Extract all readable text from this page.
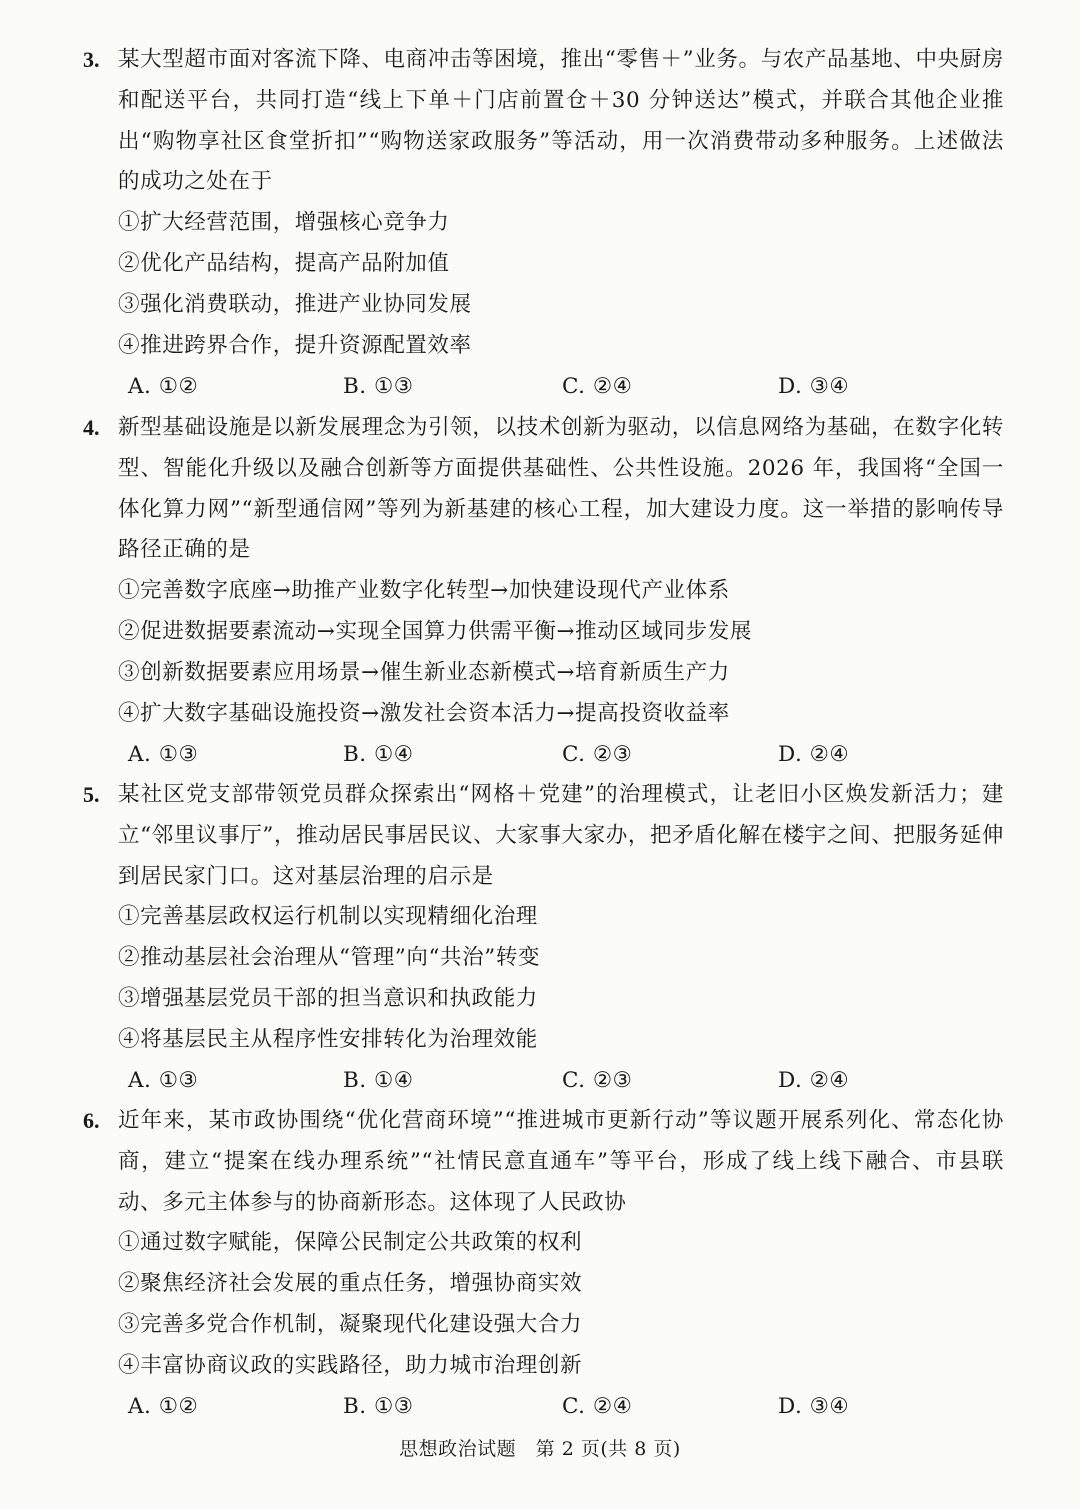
3. 某大型超市面对客流下降、电商冲击等困境，推出“零售＋”业务。与农产品基地、中央厨房和配送平台，共同打造“线上下单＋门店前置仓＋30 分钟送达”模式，并联合其他企业推出“购物享社区食堂折扣”“购物送家政服务”等活动，用一次消费带动多种服务。上述做法的成功之处在于

①扩大经营范围，增强核心竞争力
②优化产品结构，提高产品附加值
③强化消费联动，推进产业协同发展
④推进跨界合作，提升资源配置效率
A. ①②	B. ①③	C. ②④	D. ③④
4. 新型基础设施是以新发展理念为引领，以技术创新为驱动，以信息网络为基础，在数字化转型、智能化升级以及融合创新等方面提供基础性、公共性设施。2026 年，我国将“全国一体化算力网”“新型通信网”等列为新基建的核心工程，加大建设力度。这一举措的影响传导路径正确的是

①完善数字底座→助推产业数字化转型→加快建设现代产业体系
②促进数据要素流动→实现全国算力供需平衡→推动区域同步发展
③创新数据要素应用场景→催生新业态新模式→培育新质生产力
④扩大数字基础设施投资→激发社会资本活力→提高投资收益率
A. ①③	B. ①④	C. ②③	D. ②④
5. 某社区党支部带领党员群众探索出“网格＋党建”的治理模式，让老旧小区焕发新活力；建立“邻里议事厅”，推动居民事居民议、大家事大家办，把矛盾化解在楼宇之间、把服务延伸到居民家门口。这对基层治理的启示是

①完善基层政权运行机制以实现精细化治理
②推动基层社会治理从“管理”向“共治”转变
③增强基层党员干部的担当意识和执政能力
④将基层民主从程序性安排转化为治理效能
A. ①③	B. ①④	C. ②③	D. ②④
6. 近年来，某市政协围绕“优化营商环境”“推进城市更新行动”等议题开展系列化、常态化协商，建立“提案在线办理系统”“社情民意直通车”等平台，形成了线上线下融合、市县联动、多元主体参与的协商新形态。这体现了人民政协

①通过数字赋能，保障公民制定公共政策的权利
②聚焦经济社会发展的重点任务，增强协商实效
③完善多党合作机制，凝聚现代化建设强大合力
④丰富协商议政的实践路径，助力城市治理创新
A. ①②	B. ①③	C. ②④	D. ③④
思想政治试题　第 2 页(共 8 页)
